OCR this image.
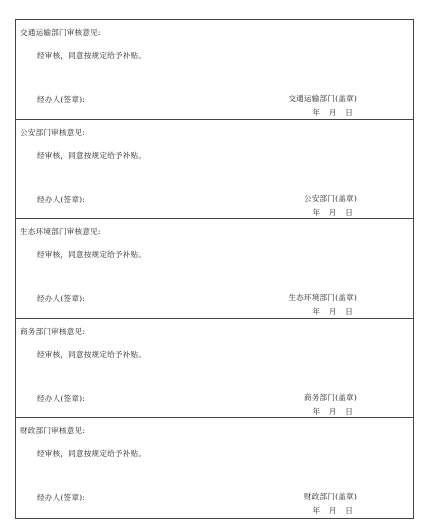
交通运输部门审核意见:
经审核，同意按规定给予补贴。
经办人(签章):	交通运输部门(盖章)
年 月 日
公安部门审核意见:
经审核，同意按规定给予补贴。
经办人(签章):	公安部门(盖章)
年 月 日
生态环境部门审核意见:
经审核，同意按规定给予补贴。
经办人(签章):	生态环境部门(盖章)
年 月 日
商务部门审核意见:
经审核，同意按规定给予补贴。
经办人(签章):	商务部门(盖章)
年 月 日
财政部门审核意见:
经审核，同意按规定给予补贴。
经办人(签章):	财政部门(盖章)
年 月 日
